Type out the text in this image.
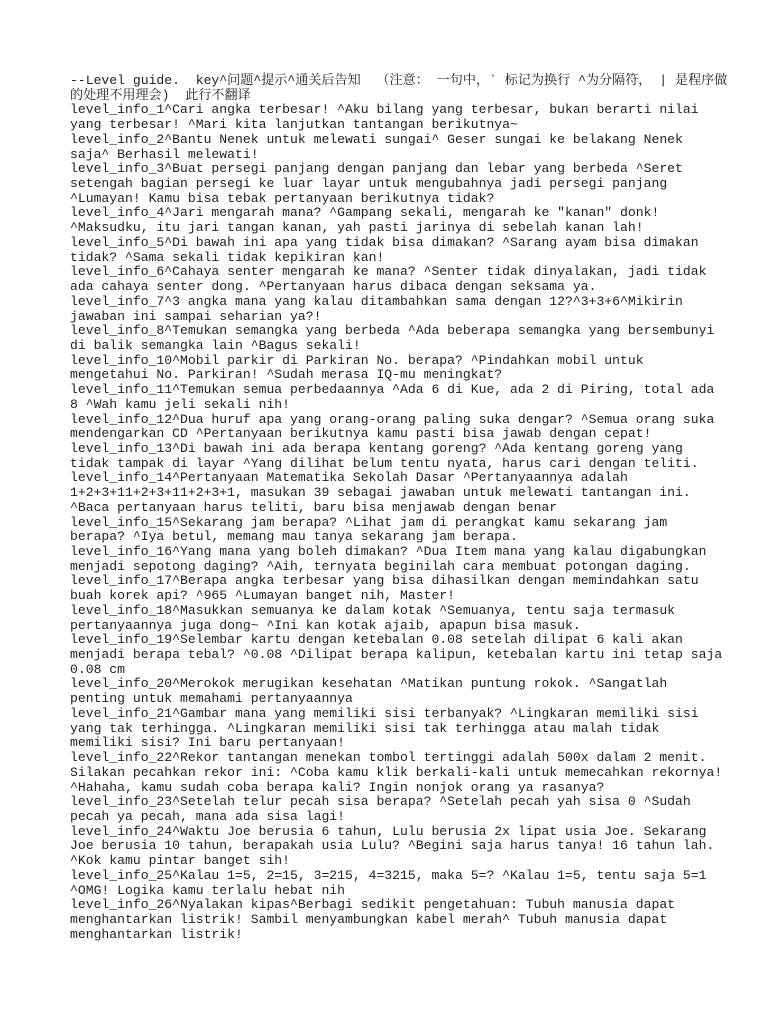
--Level guide.  key^问题^提示^通关后告知  （注意： 一句中，` 标记为换行 ^为分隔符， | 是程序做
的处理不用理会)  此行不翻译
level_info_1^Cari angka terbesar! ^Aku bilang yang terbesar, bukan berarti nilai
yang terbesar! ^Mari kita lanjutkan tantangan berikutnya~
level_info_2^Bantu Nenek untuk melewati sungai^ Geser sungai ke belakang Nenek
saja^ Berhasil melewati!
level_info_3^Buat persegi panjang dengan panjang dan lebar yang berbeda ^Seret
setengah bagian persegi ke luar layar untuk mengubahnya jadi persegi panjang
^Lumayan! Kamu bisa tebak pertanyaan berikutnya tidak?
level_info_4^Jari mengarah mana? ^Gampang sekali, mengarah ke "kanan" donk!
^Maksudku, itu jari tangan kanan, yah pasti jarinya di sebelah kanan lah!
level_info_5^Di bawah ini apa yang tidak bisa dimakan? ^Sarang ayam bisa dimakan
tidak? ^Sama sekali tidak kepikiran kan!
level_info_6^Cahaya senter mengarah ke mana? ^Senter tidak dinyalakan, jadi tidak
ada cahaya senter dong. ^Pertanyaan harus dibaca dengan seksama ya.
level_info_7^3 angka mana yang kalau ditambahkan sama dengan 12?^3+3+6^Mikirin
jawaban ini sampai seharian ya?!
level_info_8^Temukan semangka yang berbeda ^Ada beberapa semangka yang bersembunyi
di balik semangka lain ^Bagus sekali!
level_info_10^Mobil parkir di Parkiran No. berapa? ^Pindahkan mobil untuk
mengetahui No. Parkiran! ^Sudah merasa IQ-mu meningkat?
level_info_11^Temukan semua perbedaannya ^Ada 6 di Kue, ada 2 di Piring, total ada
8 ^Wah kamu jeli sekali nih!
level_info_12^Dua huruf apa yang orang-orang paling suka dengar? ^Semua orang suka
mendengarkan CD ^Pertanyaan berikutnya kamu pasti bisa jawab dengan cepat!
level_info_13^Di bawah ini ada berapa kentang goreng? ^Ada kentang goreng yang
tidak tampak di layar ^Yang dilihat belum tentu nyata, harus cari dengan teliti.
level_info_14^Pertanyaan Matematika Sekolah Dasar ^Pertanyaannya adalah
1+2+3+11+2+3+11+2+3+1, masukan 39 sebagai jawaban untuk melewati tantangan ini.
^Baca pertanyaan harus teliti, baru bisa menjawab dengan benar
level_info_15^Sekarang jam berapa? ^Lihat jam di perangkat kamu sekarang jam
berapa? ^Iya betul, memang mau tanya sekarang jam berapa.
level_info_16^Yang mana yang boleh dimakan? ^Dua Item mana yang kalau digabungkan
menjadi sepotong daging? ^Aih, ternyata beginilah cara membuat potongan daging.
level_info_17^Berapa angka terbesar yang bisa dihasilkan dengan memindahkan satu
buah korek api? ^965 ^Lumayan banget nih, Master!
level_info_18^Masukkan semuanya ke dalam kotak ^Semuanya, tentu saja termasuk
pertanyaannya juga dong~ ^Ini kan kotak ajaib, apapun bisa masuk.
level_info_19^Selembar kartu dengan ketebalan 0.08 setelah dilipat 6 kali akan
menjadi berapa tebal? ^0.08 ^Dilipat berapa kalipun, ketebalan kartu ini tetap saja
0.08 cm
level_info_20^Merokok merugikan kesehatan ^Matikan puntung rokok. ^Sangatlah
penting untuk memahami pertanyaannya
level_info_21^Gambar mana yang memiliki sisi terbanyak? ^Lingkaran memiliki sisi
yang tak terhingga. ^Lingkaran memiliki sisi tak terhingga atau malah tidak
memiliki sisi? Ini baru pertanyaan!
level_info_22^Rekor tantangan menekan tombol tertinggi adalah 500x dalam 2 menit.
Silakan pecahkan rekor ini: ^Coba kamu klik berkali-kali untuk memecahkan rekornya!
^Hahaha, kamu sudah coba berapa kali? Ingin nonjok orang ya rasanya?
level_info_23^Setelah telur pecah sisa berapa? ^Setelah pecah yah sisa 0 ^Sudah
pecah ya pecah, mana ada sisa lagi!
level_info_24^Waktu Joe berusia 6 tahun, Lulu berusia 2x lipat usia Joe. Sekarang
Joe berusia 10 tahun, berapakah usia Lulu? ^Begini saja harus tanya! 16 tahun lah.
^Kok kamu pintar banget sih!
level_info_25^Kalau 1=5, 2=15, 3=215, 4=3215, maka 5=? ^Kalau 1=5, tentu saja 5=1
^OMG! Logika kamu terlalu hebat nih
level_info_26^Nyalakan kipas^Berbagi sedikit pengetahuan: Tubuh manusia dapat
menghantarkan listrik! Sambil menyambungkan kabel merah^ Tubuh manusia dapat
menghantarkan listrik!
